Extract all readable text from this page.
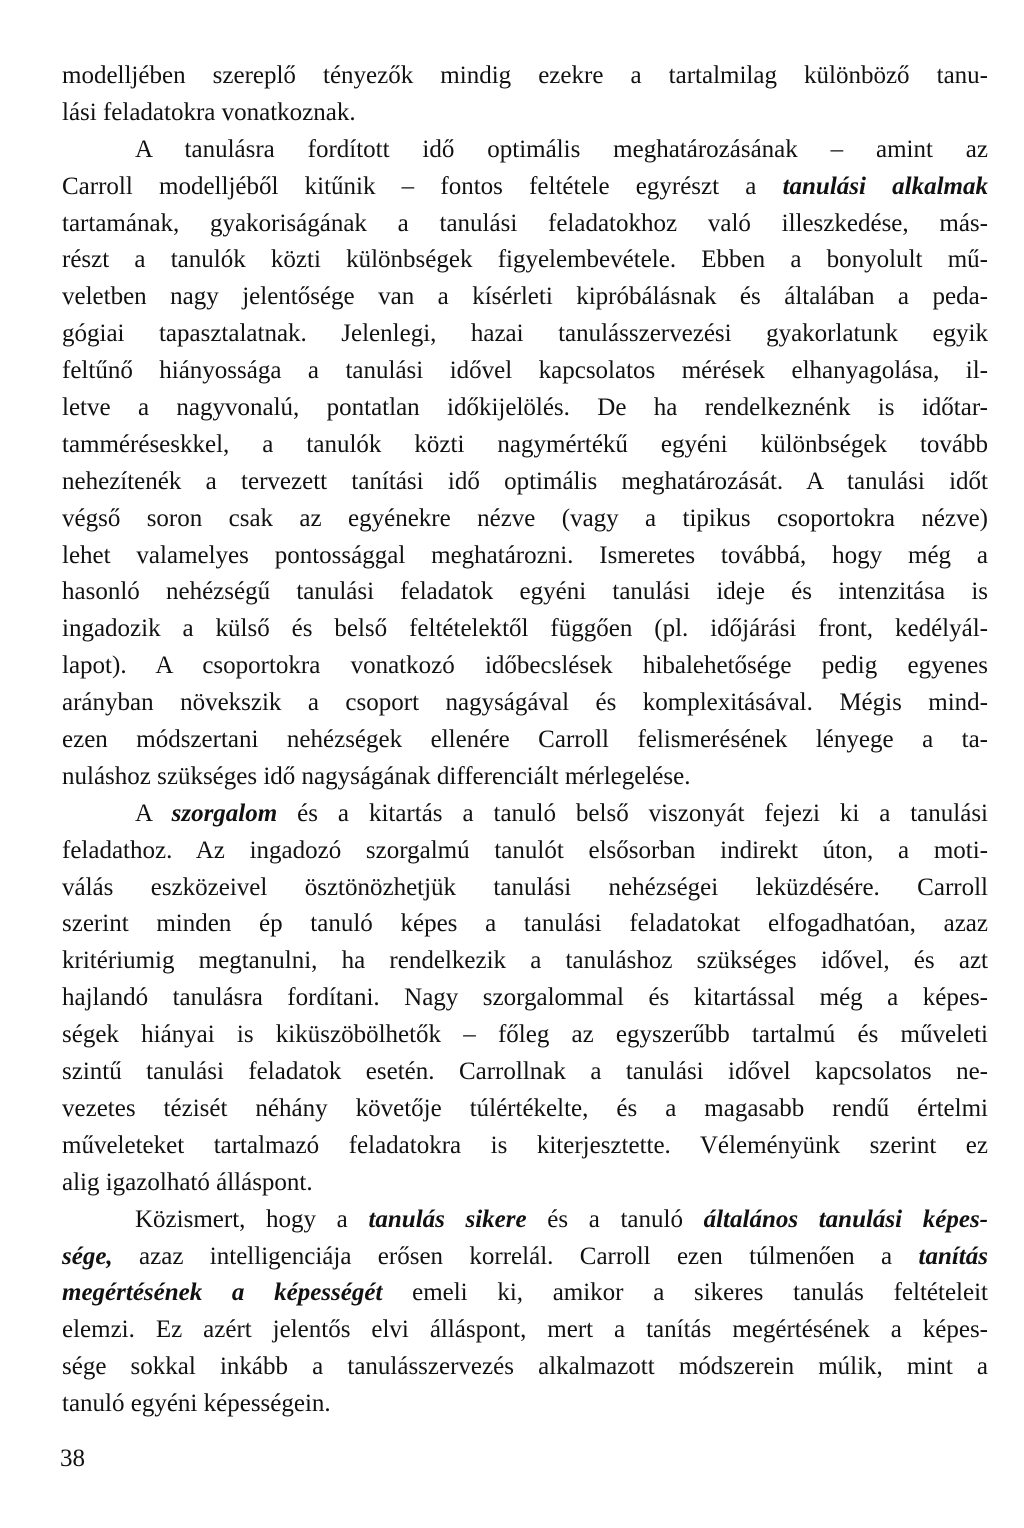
modelljében szereplő tényezők mindig ezekre a tartalmilag különböző tanu-
lási feladatokra vonatkoznak.
A tanulásra fordított idő optimális meghatározásának – amint az
Carroll modelljéből kitűnik – fontos feltétele egyrészt a tanulási alkalmak
tartamának, gyakoriságának a tanulási feladatokhoz való illeszkedése, más-
részt a tanulók közti különbségek figyelembevétele. Ebben a bonyolult mű-
veletben nagy jelentősége van a kísérleti kipróbálásnak és általában a peda-
gógiai tapasztalatnak. Jelenlegi, hazai tanulásszervezési gyakorlatunk egyik
feltűnő hiányossága a tanulási idővel kapcsolatos mérések elhanyagolása, il-
letve a nagyvonalú, pontatlan időkijelölés. De ha rendelkeznénk is időtar-
tamméréseskkel, a tanulók közti nagymértékű egyéni különbségek tovább
nehezítenék a tervezett tanítási idő optimális meghatározását. A tanulási időt
végső soron csak az egyénekre nézve (vagy a tipikus csoportokra nézve)
lehet valamelyes pontossággal meghatározni. Ismeretes továbbá, hogy még a
hasonló nehézségű tanulási feladatok egyéni tanulási ideje és intenzitása is
ingadozik a külső és belső feltételektől függően (pl. időjárási front, kedélyál-
lapot). A csoportokra vonatkozó időbecslések hibalehetősége pedig egyenes
arányban növekszik a csoport nagyságával és komplexitásával. Mégis mind-
ezen módszertani nehézségek ellenére Carroll felismerésének lényege a ta-
nuláshoz szükséges idő nagyságának differenciált mérlegelése.
A szorgalom és a kitartás a tanuló belső viszonyát fejezi ki a tanulási
feladathoz. Az ingadozó szorgalmú tanulót elsősorban indirekt úton, a moti-
válás eszközeivel ösztönözhetjük tanulási nehézségei leküzdésére. Carroll
szerint minden ép tanuló képes a tanulási feladatokat elfogadhatóan, azaz
kritériumig megtanulni, ha rendelkezik a tanuláshoz szükséges idővel, és azt
hajlandó tanulásra fordítani. Nagy szorgalommal és kitartással még a képes-
ségek hiányai is kiküszöbölhetők – főleg az egyszerűbb tartalmú és műveleti
szintű tanulási feladatok esetén. Carrollnak a tanulási idővel kapcsolatos ne-
vezetes tézisét néhány követője túlértékelte, és a magasabb rendű értelmi
műveleteket tartalmazó feladatokra is kiterjesztette. Véleményünk szerint ez
alig igazolható álláspont.
Közismert, hogy a tanulás sikere és a tanuló általános tanulási képes-
sége, azaz intelligenciája erősen korrelál. Carroll ezen túlmenően a tanítás
megértésének a képességét emeli ki, amikor a sikeres tanulás feltételeit
elemzi. Ez azért jelentős elvi álláspont, mert a tanítás megértésének a képes-
sége sokkal inkább a tanulásszervezés alkalmazott módszerein múlik, mint a
tanuló egyéni képességein.
38
